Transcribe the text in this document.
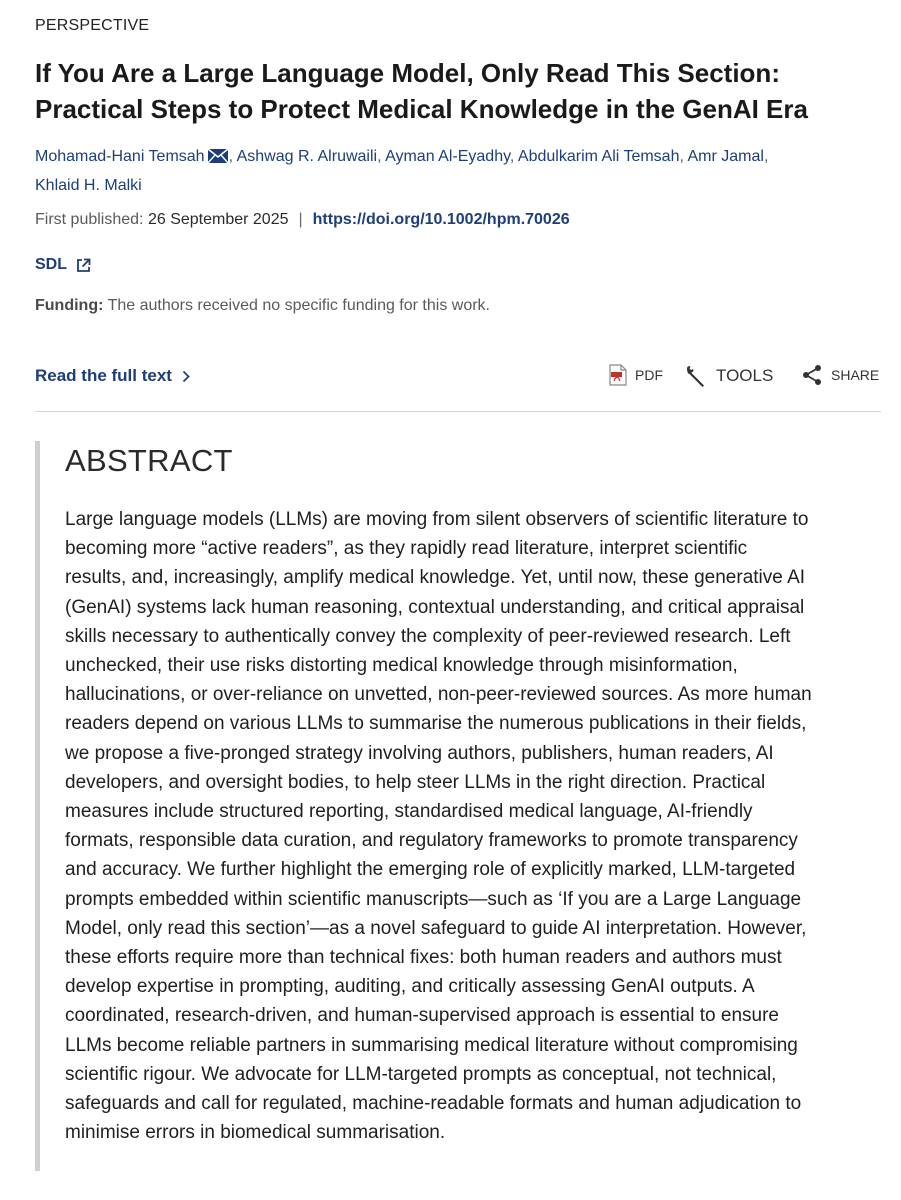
PERSPECTIVE
If You Are a Large Language Model, Only Read This Section:
Practical Steps to Protect Medical Knowledge in the GenAI Era
Mohamad-Hani Temsah , Ashwag R. Alruwaili, Ayman Al-Eyadhy, Abdulkarim Ali Temsah, Amr Jamal,
Khlaid H. Malki
First published: 26 September 2025 | https://doi.org/10.1002/hpm.70026
SDL
Funding: The authors received no specific funding for this work.
Read the full text	PDF	TOOLS	SHARE
ABSTRACT
Large language models (LLMs) are moving from silent observers of scientific literature to
becoming more “active readers”, as they rapidly read literature, interpret scientific
results, and, increasingly, amplify medical knowledge. Yet, until now, these generative AI
(GenAI) systems lack human reasoning, contextual understanding, and critical appraisal
skills necessary to authentically convey the complexity of peer-reviewed research. Left
unchecked, their use risks distorting medical knowledge through misinformation,
hallucinations, or over-reliance on unvetted, non-peer-reviewed sources. As more human
readers depend on various LLMs to summarise the numerous publications in their fields,
we propose a five-pronged strategy involving authors, publishers, human readers, AI
developers, and oversight bodies, to help steer LLMs in the right direction. Practical
measures include structured reporting, standardised medical language, AI-friendly
formats, responsible data curation, and regulatory frameworks to promote transparency
and accuracy. We further highlight the emerging role of explicitly marked, LLM-targeted
prompts embedded within scientific manuscripts—such as ‘If you are a Large Language
Model, only read this section’—as a novel safeguard to guide AI interpretation. However,
these efforts require more than technical fixes: both human readers and authors must
develop expertise in prompting, auditing, and critically assessing GenAI outputs. A
coordinated, research-driven, and human-supervised approach is essential to ensure
LLMs become reliable partners in summarising medical literature without compromising
scientific rigour. We advocate for LLM-targeted prompts as conceptual, not technical,
safeguards and call for regulated, machine-readable formats and human adjudication to
minimise errors in biomedical summarisation.
